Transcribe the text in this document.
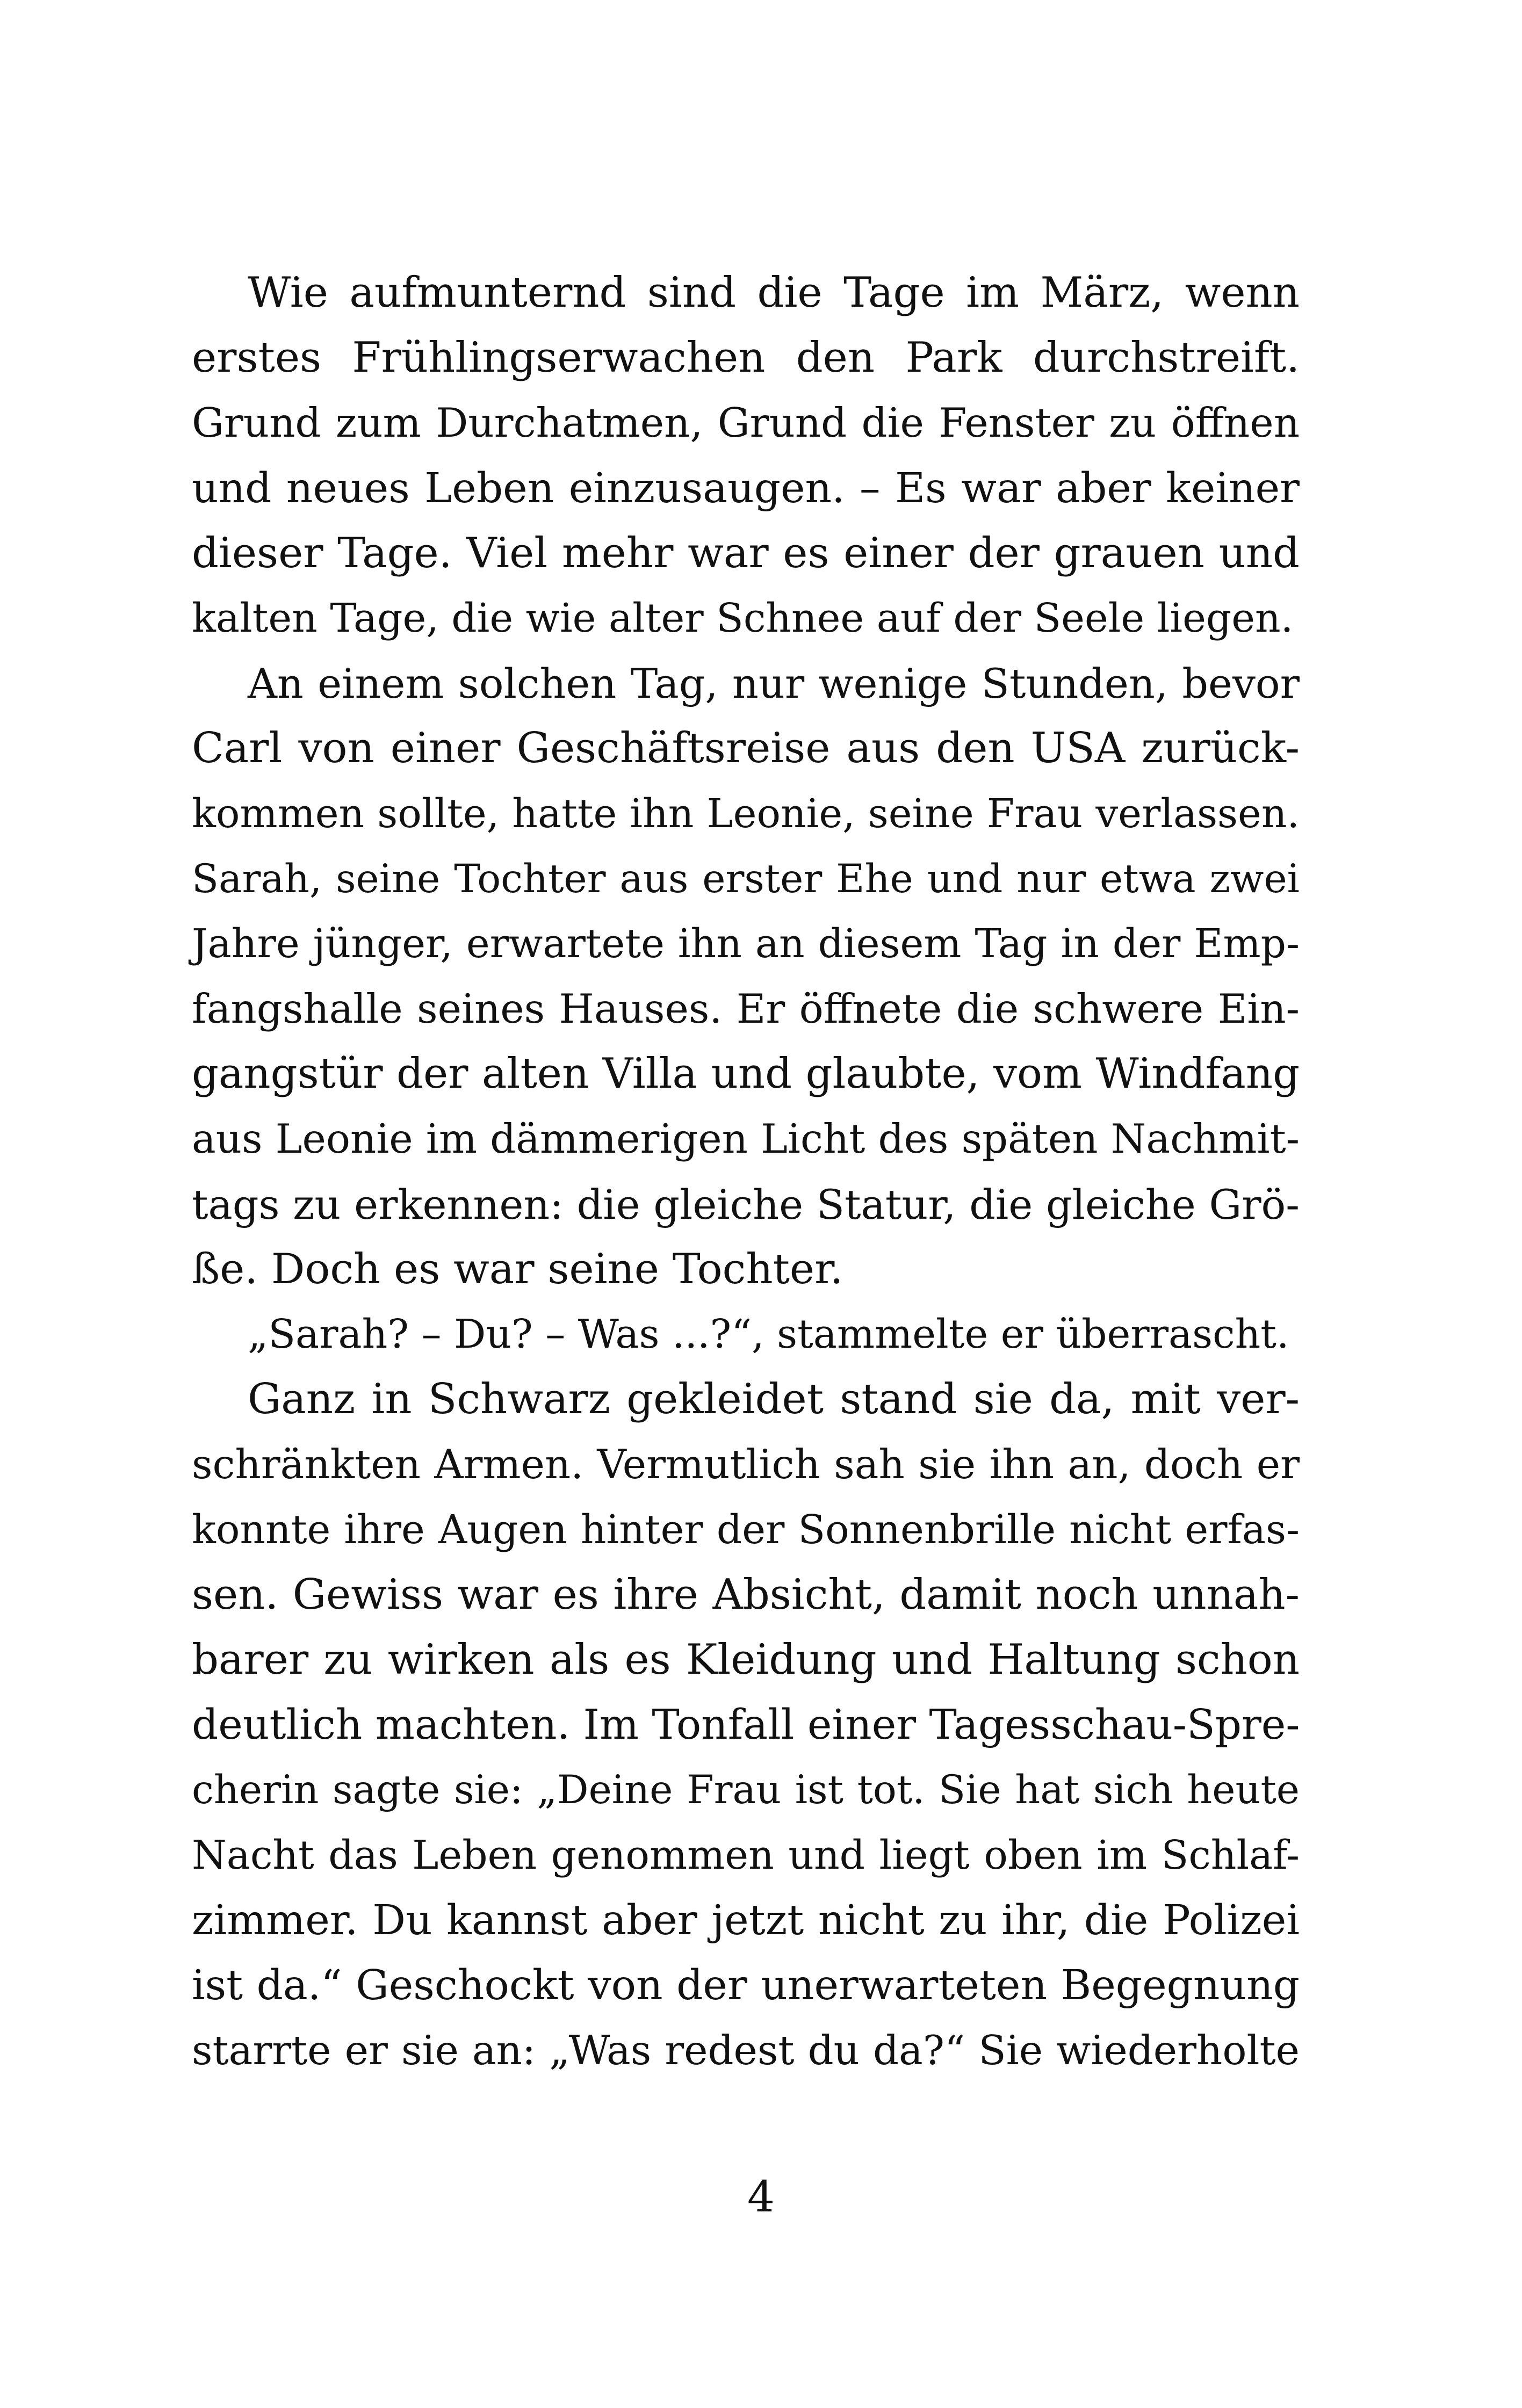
Wie aufmunternd sind die Tage im März, wenn
erstes Frühlingserwachen den Park durchstreift.
Grund zum Durchatmen, Grund die Fenster zu öffnen
und neues Leben einzusaugen. – Es war aber keiner
dieser Tage. Viel mehr war es einer der grauen und
kalten Tage, die wie alter Schnee auf der Seele liegen.
An einem solchen Tag, nur wenige Stunden, bevor
Carl von einer Geschäftsreise aus den USA zurück-
kommen sollte, hatte ihn Leonie, seine Frau verlassen.
Sarah, seine Tochter aus erster Ehe und nur etwa zwei
Jahre jünger, erwartete ihn an diesem Tag in der Emp-
fangshalle seines Hauses. Er öffnete die schwere Ein-
gangstür der alten Villa und glaubte, vom Windfang
aus Leonie im dämmerigen Licht des späten Nachmit-
tags zu erkennen: die gleiche Statur, die gleiche Grö-
ße. Doch es war seine Tochter.
„Sarah? – Du? – Was ...?“, stammelte er überrascht.
Ganz in Schwarz gekleidet stand sie da, mit ver-
schränkten Armen. Vermutlich sah sie ihn an, doch er
konnte ihre Augen hinter der Sonnenbrille nicht erfas-
sen. Gewiss war es ihre Absicht, damit noch unnah-
barer zu wirken als es Kleidung und Haltung schon
deutlich machten. Im Tonfall einer Tagesschau-Spre-
cherin sagte sie: „Deine Frau ist tot. Sie hat sich heute
Nacht das Leben genommen und liegt oben im Schlaf-
zimmer. Du kannst aber jetzt nicht zu ihr, die Polizei
ist da.“ Geschockt von der unerwarteten Begegnung
starrte er sie an: „Was redest du da?“ Sie wiederholte
4
